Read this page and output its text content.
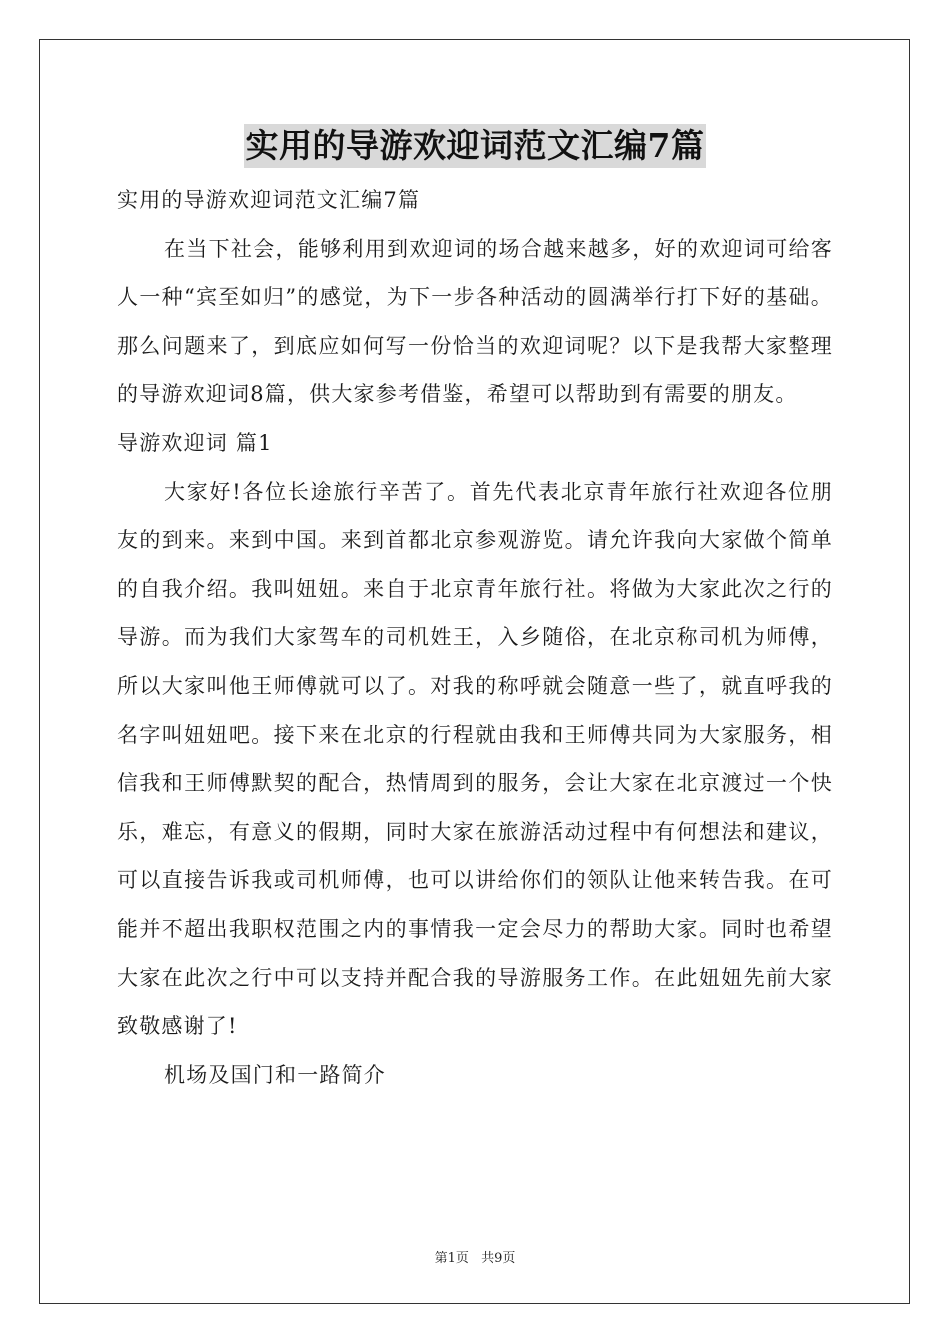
实用的导游欢迎词范文汇编7篇

实用的导游欢迎词范文汇编7篇

在当下社会，能够利用到欢迎词的场合越来越多，好的欢迎词可给客人一种“宾至如归”的感觉，为下一步各种活动的圆满举行打下好的基础。那么问题来了，到底应如何写一份恰当的欢迎词呢？以下是我帮大家整理的导游欢迎词8篇，供大家参考借鉴，希望可以帮助到有需要的朋友。

导游欢迎词 篇1

大家好!各位长途旅行辛苦了。首先代表北京青年旅行社欢迎各位朋友的到来。来到中国。来到首都北京参观游览。请允许我向大家做个简单的自我介绍。我叫妞妞。来自于北京青年旅行社。将做为大家此次之行的导游。而为我们大家驾车的司机姓王，入乡随俗，在北京称司机为师傅，所以大家叫他王师傅就可以了。对我的称呼就会随意一些了，就直呼我的名字叫妞妞吧。接下来在北京的行程就由我和王师傅共同为大家服务，相信我和王师傅默契的配合，热情周到的服务，会让大家在北京渡过一个快乐，难忘，有意义的假期，同时大家在旅游活动过程中有何想法和建议，可以直接告诉我或司机师傅，也可以讲给你们的领队让他来转告我。在可能并不超出我职权范围之内的事情我一定会尽力的帮助大家。同时也希望大家在此次之行中可以支持并配合我的导游服务工作。在此妞妞先前大家致敬感谢了!

机场及国门和一路简介

第1页 共9页
